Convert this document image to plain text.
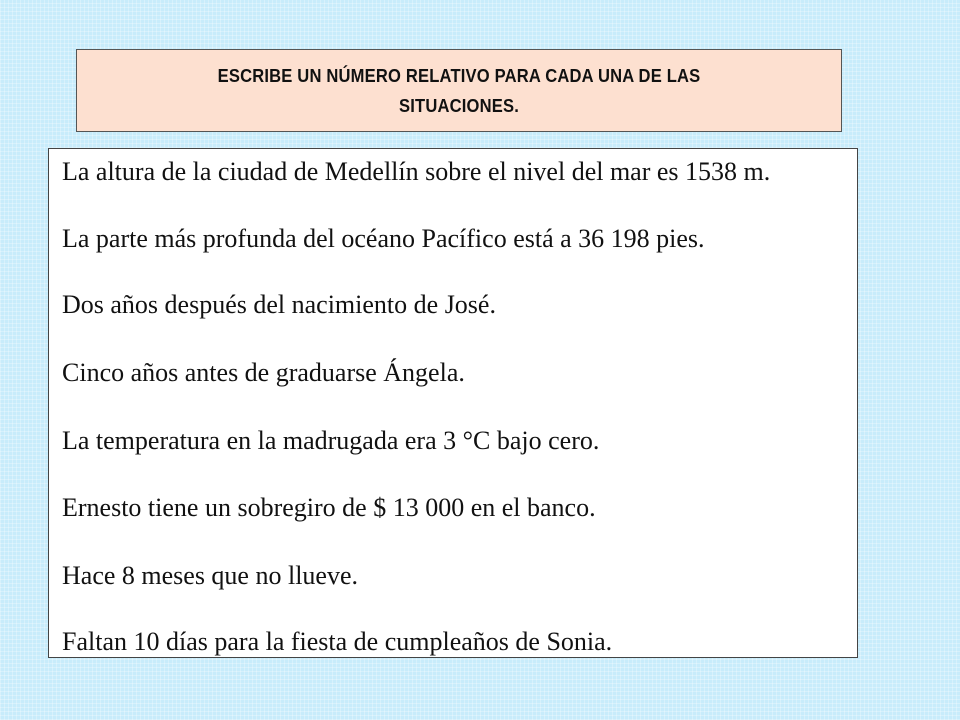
ESCRIBE UN NÚMERO RELATIVO PARA CADA UNA DE LAS SITUACIONES.
La altura de la ciudad de Medellín sobre el nivel del mar es 1538 m.
La parte más profunda del océano Pacífico está a 36 198 pies.
Dos años después del nacimiento de José.
Cinco años antes de graduarse Ángela.
La temperatura en la madrugada era 3 °C bajo cero.
Ernesto tiene un sobregiro de $ 13 000 en el banco.
Hace 8 meses que no llueve.
Faltan 10 días para la fiesta de cumpleaños de Sonia.
